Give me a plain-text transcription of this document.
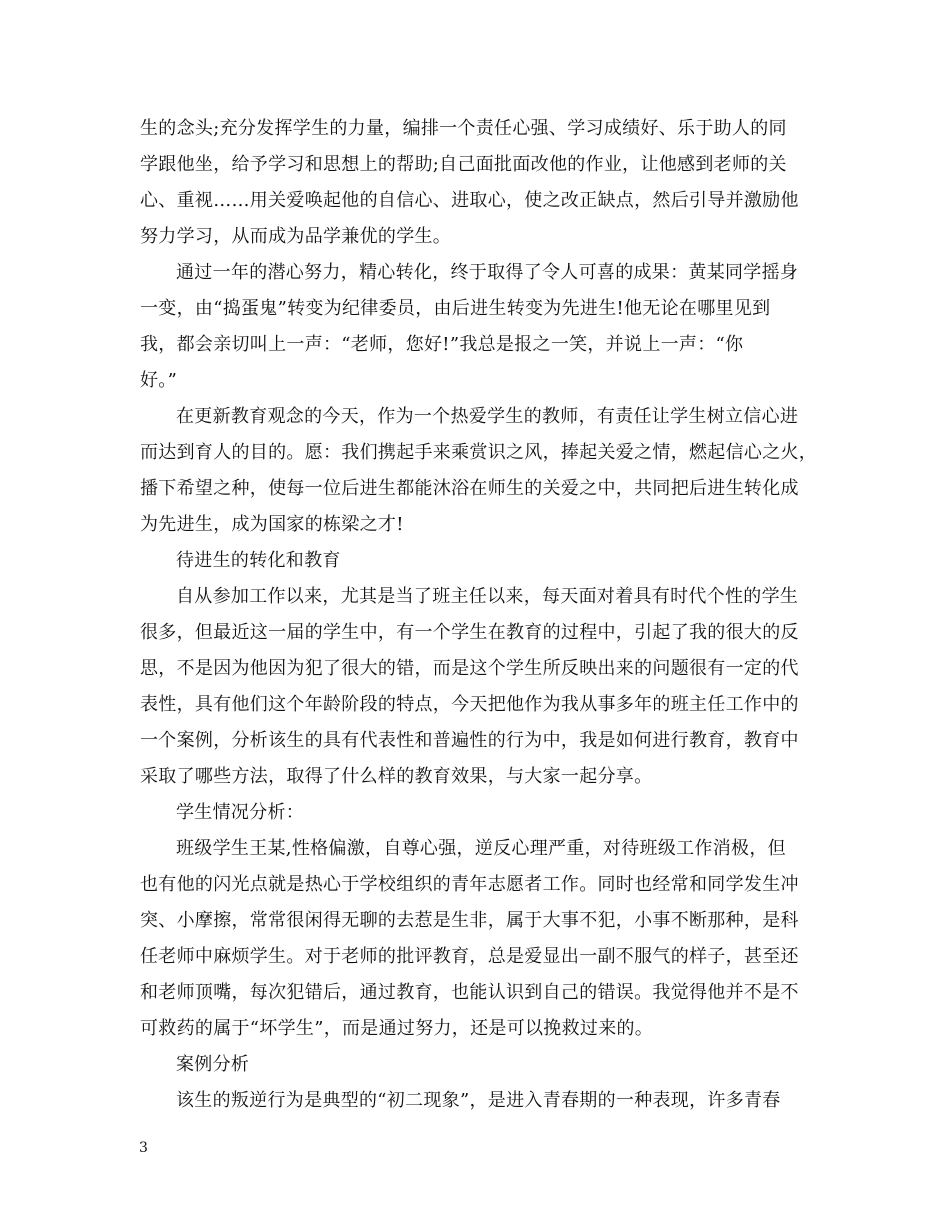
生的念头;充分发挥学生的力量，编排一个责任心强、学习成绩好、乐于助人的同
学跟他坐，给予学习和思想上的帮助;自己面批面改他的作业，让他感到老师的关
心、重视……用关爱唤起他的自信心、进取心，使之改正缺点，然后引导并激励他
努力学习，从而成为品学兼优的学生。
通过一年的潜心努力，精心转化，终于取得了令人可喜的成果：黄某同学摇身
一变，由“捣蛋鬼”转变为纪律委员，由后进生转变为先进生!他无论在哪里见到
我，都会亲切叫上一声：“老师，您好!”我总是报之一笑，并说上一声：“你
好。”
在更新教育观念的今天，作为一个热爱学生的教师，有责任让学生树立信心进
而达到育人的目的。愿：我们携起手来乘赏识之风，捧起关爱之情，燃起信心之火，
播下希望之种，使每一位后进生都能沐浴在师生的关爱之中，共同把后进生转化成
为先进生，成为国家的栋梁之才!
待进生的转化和教育
自从参加工作以来，尤其是当了班主任以来，每天面对着具有时代个性的学生
很多，但最近这一届的学生中，有一个学生在教育的过程中，引起了我的很大的反
思，不是因为他因为犯了很大的错，而是这个学生所反映出来的问题很有一定的代
表性，具有他们这个年龄阶段的特点，今天把他作为我从事多年的班主任工作中的
一个案例，分析该生的具有代表性和普遍性的行为中，我是如何进行教育，教育中
采取了哪些方法，取得了什么样的教育效果，与大家一起分享。
学生情况分析：
班级学生王某,性格偏激，自尊心强，逆反心理严重，对待班级工作消极，但
也有他的闪光点就是热心于学校组织的青年志愿者工作。同时也经常和同学发生冲
突、小摩擦，常常很闲得无聊的去惹是生非，属于大事不犯，小事不断那种，是科
任老师中麻烦学生。对于老师的批评教育，总是爱显出一副不服气的样子，甚至还
和老师顶嘴，每次犯错后，通过教育，也能认识到自己的错误。我觉得他并不是不
可救药的属于“坏学生”，而是通过努力，还是可以挽救过来的。
案例分析
该生的叛逆行为是典型的“初二现象”，是进入青春期的一种表现，许多青春
3
